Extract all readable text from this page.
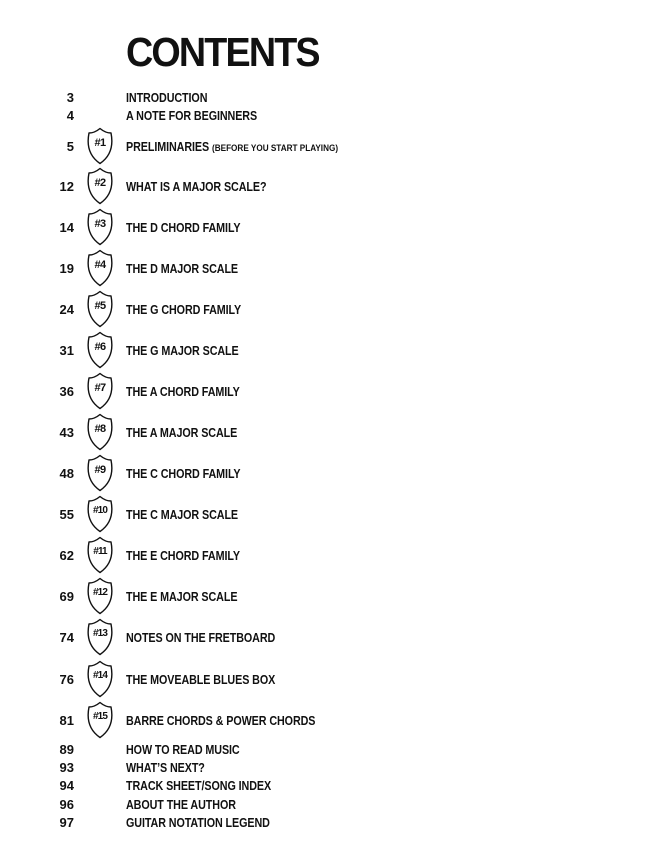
CONTENTS
3	INTRODUCTION
4	A NOTE FOR BEGINNERS
5	#1	PRELIMINARIES (BEFORE YOU START PLAYING)
12	#2	WHAT IS A MAJOR SCALE?
14	#3	THE D CHORD FAMILY
19	#4	THE D MAJOR SCALE
24	#5	THE G CHORD FAMILY
31	#6	THE G MAJOR SCALE
36	#7	THE A CHORD FAMILY
43	#8	THE A MAJOR SCALE
48	#9	THE C CHORD FAMILY
55	#10	THE C MAJOR SCALE
62	#11	THE E CHORD FAMILY
69	#12	THE E MAJOR SCALE
74	#13	NOTES ON THE FRETBOARD
76	#14	THE MOVEABLE BLUES BOX
81	#15	BARRE CHORDS & POWER CHORDS
89	HOW TO READ MUSIC
93	WHAT’S NEXT?
94	TRACK SHEET/SONG INDEX
96	ABOUT THE AUTHOR
97	GUITAR NOTATION LEGEND
